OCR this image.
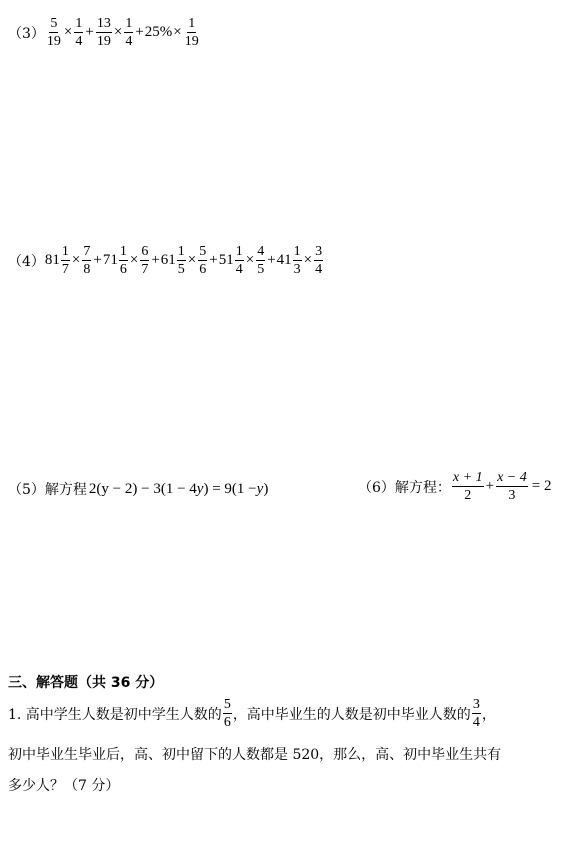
$(3) \frac{5}{19} \times \frac{1}{4} + \frac{13}{19} \times \frac{1}{4} + 25\% \times \frac{1}{19}$
（4） $81 \frac{1}{7} \times \frac{7}{8} + 71 \frac{1}{6} \times \frac{6}{7} + 61 \frac{1}{5} \times \frac{5}{6} + 51 \frac{1}{4} \times \frac{4}{5} + 41 \frac{1}{3} \times \frac{3}{4}$
（5）解方程 2(y − 2) − 3(1 − 4 y ) = 9(1 − y )	（6）解方程： $\frac{x + 1}{2} + \frac{x - 4}{3} = 2$
三、解答题（共 36 分）
1. 高中学生人数是初中学生人数的 $\frac{5}{6}$ ，高中毕业生的人数是初中毕业人数的 $\frac{3}{4}$ ，
初中毕业生毕业后，高、初中留下的人数都是 520，那么，高、初中毕业生共有
多少人？（7 分）
